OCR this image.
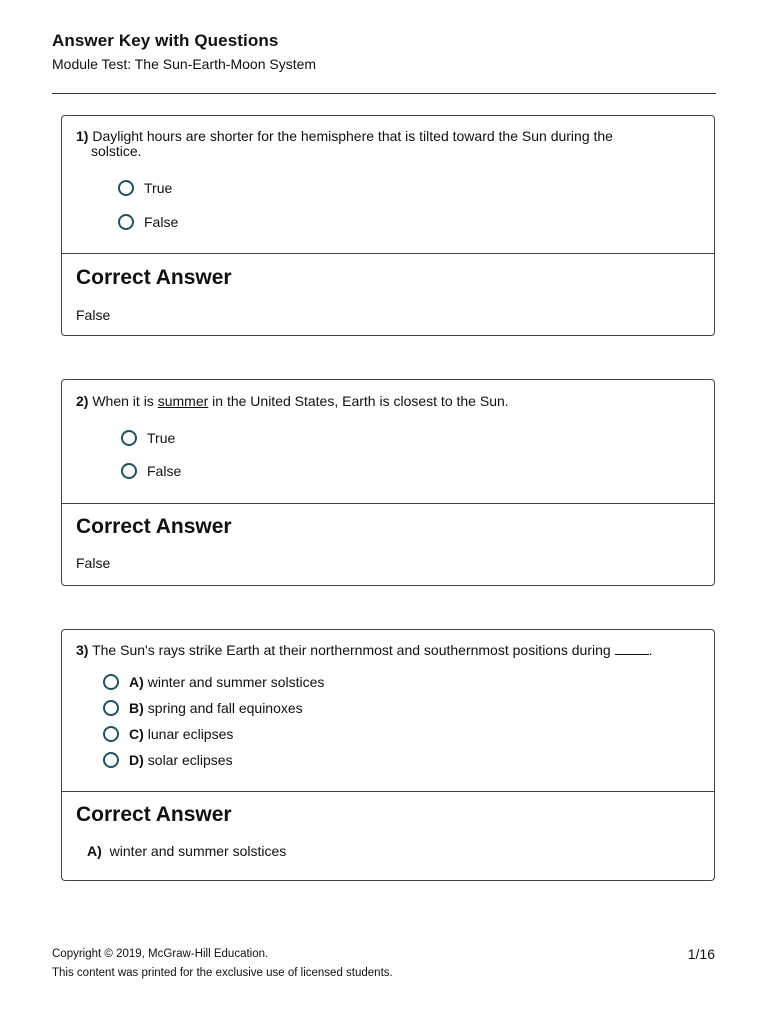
Answer Key with Questions
Module Test: The Sun-Earth-Moon System
1) Daylight hours are shorter for the hemisphere that is tilted toward the Sun during the
solstice.
True
False
Correct Answer
False
2) When it is summer in the United States, Earth is closest to the Sun.
True
False
Correct Answer
False
3) The Sun's rays strike Earth at their northernmost and southernmost positions during	.
A) winter and summer solstices
B) spring and fall equinoxes
C) lunar eclipses
D) solar eclipses
Correct Answer
A) winter and summer solstices
Copyright © 2019, McGraw-Hill Education.
This content was printed for the exclusive use of licensed students.
1/16
